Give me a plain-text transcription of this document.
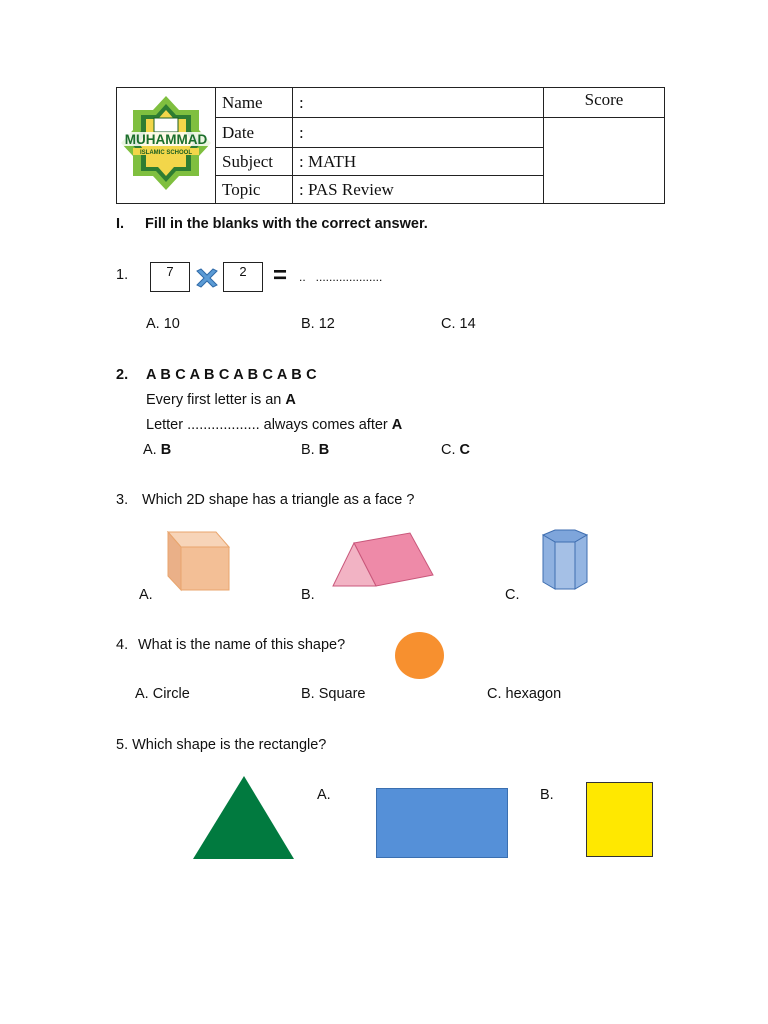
MUHAMMAD
ISLAMIC SCHOOL	Name	:	Score
	Date	:	
	Subject	: MATH	
	Topic	: PAS Review	
I. Fill in the blanks with the correct answer.
1.	7	2	= ..   ....................
A. 10	B. 12	C. 14
2. A B C A B C A B C A B C
Every first letter is an A
Letter .................. always comes after A
A. B	B. B	C. C
3. Which 2D shape has a triangle as a face ?
A.	B.	C.
4. What is the name of this shape?
A. Circle	B. Square	C. hexagon
5. Which shape is the rectangle?
A.	B.
